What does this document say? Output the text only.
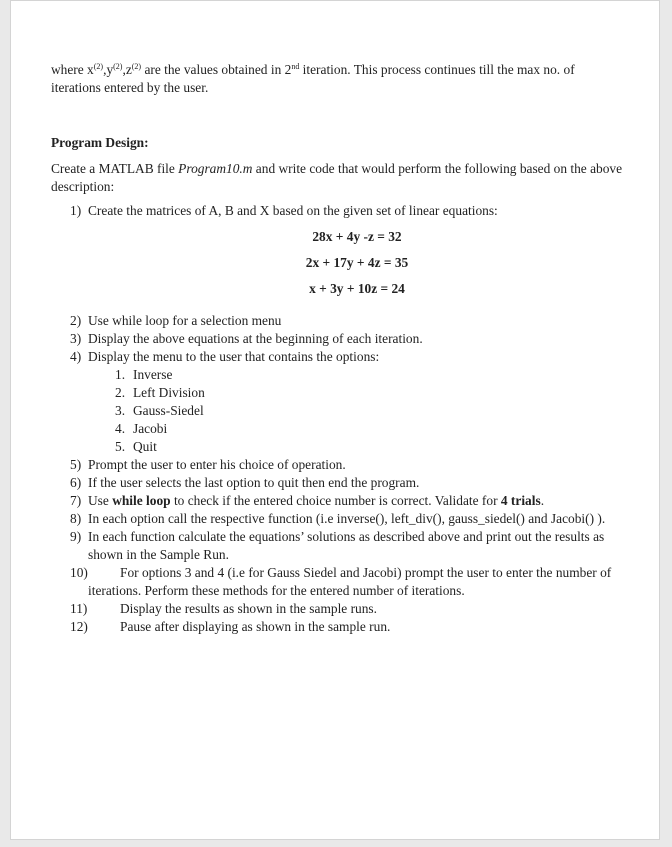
where $x^{(2)},y^{(2)},z^{(2)}$ are the values obtained in 2nd iteration. This process continues till the max no. of iterations entered by the user.

Program Design:

Create a MATLAB file Program10.m and write code that would perform the following based on the above description:

1) Create the matrices of A, B and X based on the given set of linear equations:
28x + 4y -z = 32
2x + 17y + 4z = 35
x + 3y + 10z = 24
2) Use while loop for a selection menu
3) Display the above equations at the beginning of each iteration.
4) Display the menu to the user that contains the options:
1. Inverse
2. Left Division
3. Gauss-Siedel
4. Jacobi
5. Quit
5) Prompt the user to enter his choice of operation.
6) If the user selects the last option to quit then end the program.
7) Use while loop to check if the entered choice number is correct. Validate for 4 trials.
8) In each option call the respective function (i.e inverse(), left_div(), gauss_siedel() and Jacobi() ).
9) In each function calculate the equations’ solutions as described above and print out the results as shown in the Sample Run.
10) For options 3 and 4 (i.e for Gauss Siedel and Jacobi) prompt the user to enter the number of iterations. Perform these methods for the entered number of iterations.
11) Display the results as shown in the sample runs.
12) Pause after displaying as shown in the sample run.
